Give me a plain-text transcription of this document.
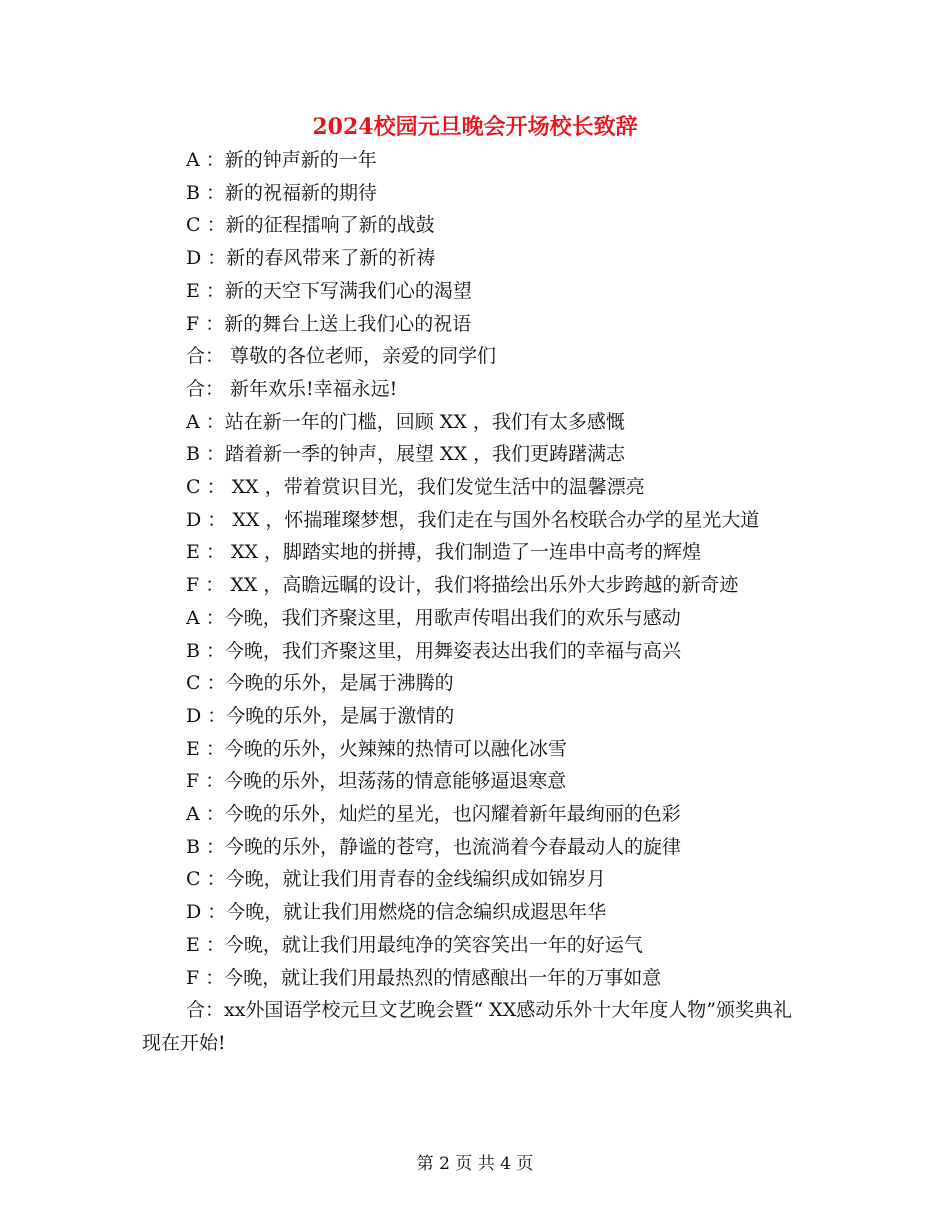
2024校园元旦晚会开场校长致辞
A ：新的钟声新的一年
B ：新的祝福新的期待
C ：新的征程擂响了新的战鼓
D ：新的春风带来了新的祈祷
E ：新的天空下写满我们心的渴望
F ：新的舞台上送上我们心的祝语
合： 尊敬的各位老师，亲爱的同学们
合： 新年欢乐!幸福永远!
A ：站在新一年的门槛，回顾 XX ，我们有太多感慨
B ：踏着新一季的钟声，展望 XX ，我们更踌躇满志
C ： XX ，带着赏识目光，我们发觉生活中的温馨漂亮
D ： XX ，怀揣璀璨梦想，我们走在与国外名校联合办学的星光大道
E ： XX ，脚踏实地的拼搏，我们制造了一连串中高考的辉煌
F ： XX ，高瞻远瞩的设计，我们将描绘出乐外大步跨越的新奇迹
A ：今晚，我们齐聚这里，用歌声传唱出我们的欢乐与感动
B ：今晚，我们齐聚这里，用舞姿表达出我们的幸福与高兴
C ：今晚的乐外，是属于沸腾的
D ：今晚的乐外，是属于激情的
E ：今晚的乐外，火辣辣的热情可以融化冰雪
F ：今晚的乐外，坦荡荡的情意能够逼退寒意
A ：今晚的乐外，灿烂的星光，也闪耀着新年最绚丽的色彩
B ：今晚的乐外，静谧的苍穹，也流淌着今春最动人的旋律
C ：今晚，就让我们用青春的金线编织成如锦岁月
D ：今晚，就让我们用燃烧的信念编织成遐思年华
E ：今晚，就让我们用最纯净的笑容笑出一年的好运气
F ：今晚，就让我们用最热烈的情感酿出一年的万事如意
合：xx外国语学校元旦文艺晚会暨“ XX感动乐外十大年度人物”颁奖典礼现在开始!
第 2 页 共 4 页
